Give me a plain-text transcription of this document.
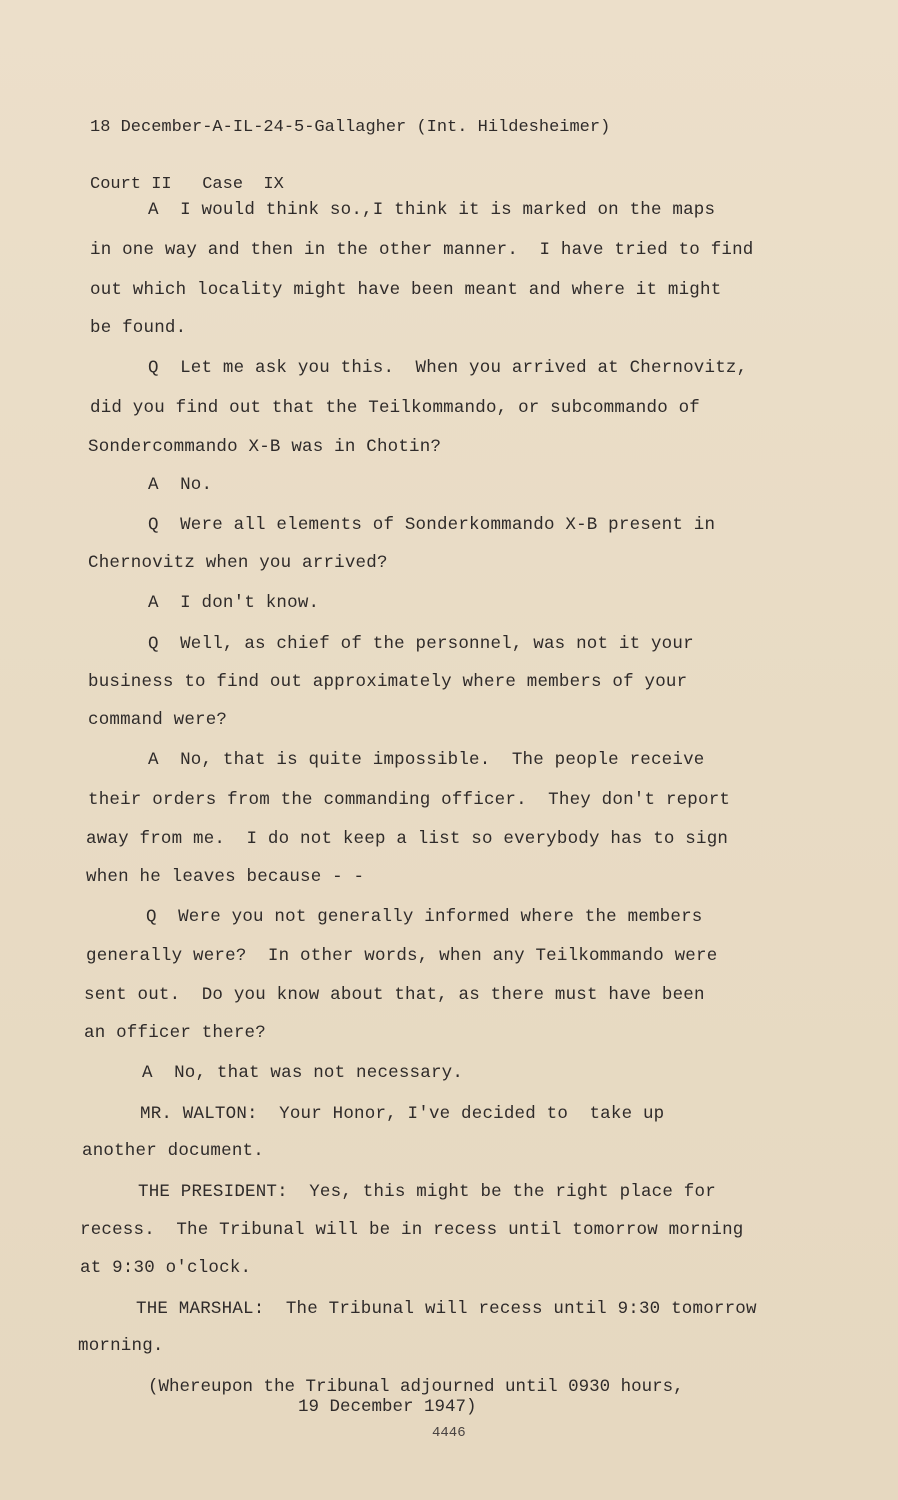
18 December-A-IL-24-5-Gallagher (Int. Hildesheimer)

Court II   Case  IX

A  I would think so.,I think it is marked on the maps
in one way and then in the other manner.  I have tried to find
out which locality might have been meant and where it might
be found.
Q  Let me ask you this.  When you arrived at Chernovitz,
did you find out that the Teilkommando, or subcommando of
Sondercommando X-B was in Chotin?
A  No.
Q  Were all elements of Sonderkommando X-B present in
Chernovitz when you arrived?
A  I don't know.
Q  Well, as chief of the personnel, was not it your
business to find out approximately where members of your
command were?
A  No, that is quite impossible.  The people receive
their orders from the commanding officer.  They don't report
away from me.  I do not keep a list so everybody has to sign
when he leaves because - -
Q  Were you not generally informed where the members
generally were?  In other words, when any Teilkommando were
sent out.  Do you know about that, as there must have been
an officer there?
A  No, that was not necessary.
MR. WALTON:  Your Honor, I've decided to  take up
another document.
THE PRESIDENT:  Yes, this might be the right place for
recess.  The Tribunal will be in recess until tomorrow morning
at 9:30 o'clock.
THE MARSHAL:  The Tribunal will recess until 9:30 tomorrow
morning.
(Whereupon the Tribunal adjourned until 0930 hours,
19 December 1947)
4446
